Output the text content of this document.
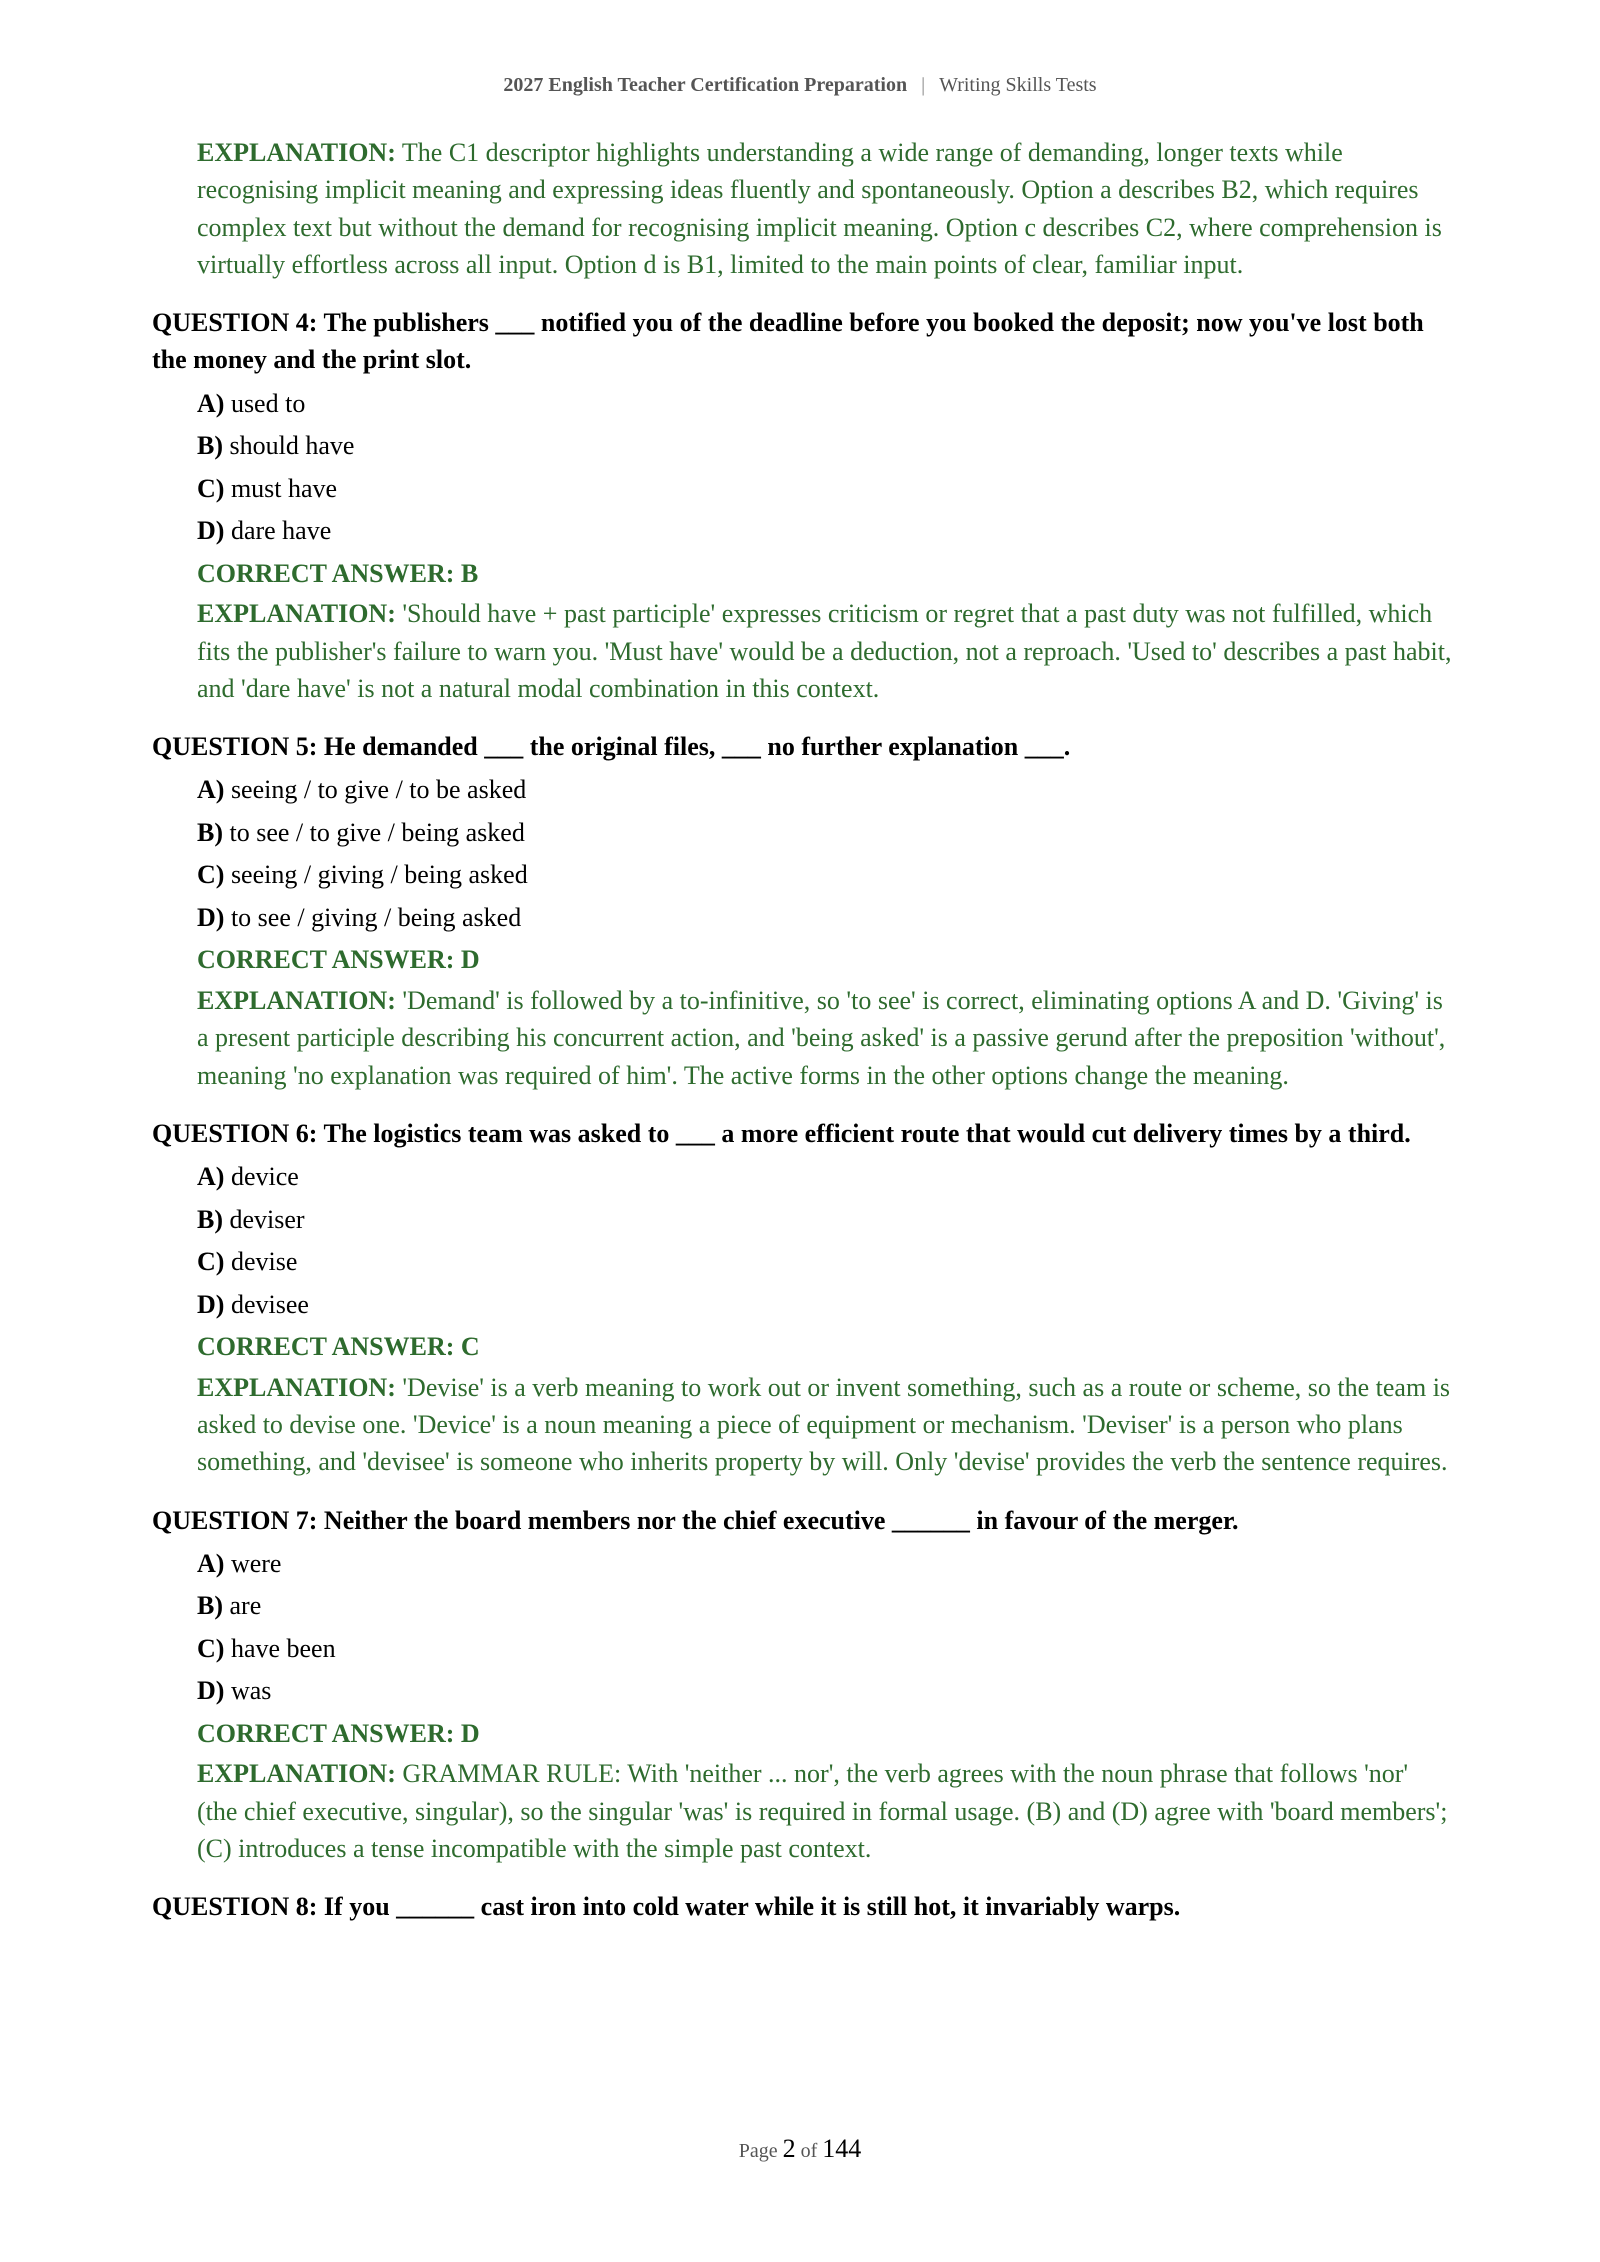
2027 English Teacher Certification Preparation | Writing Skills Tests
EXPLANATION: The C1 descriptor highlights understanding a wide range of demanding, longer texts while recognising implicit meaning and expressing ideas fluently and spontaneously. Option a describes B2, which requires complex text but without the demand for recognising implicit meaning. Option c describes C2, where comprehension is virtually effortless across all input. Option d is B1, limited to the main points of clear, familiar input.
QUESTION 4: The publishers ___ notified you of the deadline before you booked the deposit; now you've lost both the money and the print slot.
A) used to
B) should have
C) must have
D) dare have
CORRECT ANSWER: B
EXPLANATION: 'Should have + past participle' expresses criticism or regret that a past duty was not fulfilled, which fits the publisher's failure to warn you. 'Must have' would be a deduction, not a reproach. 'Used to' describes a past habit, and 'dare have' is not a natural modal combination in this context.
QUESTION 5: He demanded ___ the original files, ___ no further explanation ___.
A) seeing / to give / to be asked
B) to see / to give / being asked
C) seeing / giving / being asked
D) to see / giving / being asked
CORRECT ANSWER: D
EXPLANATION: 'Demand' is followed by a to-infinitive, so 'to see' is correct, eliminating options A and D. 'Giving' is a present participle describing his concurrent action, and 'being asked' is a passive gerund after the preposition 'without', meaning 'no explanation was required of him'. The active forms in the other options change the meaning.
QUESTION 6: The logistics team was asked to ___ a more efficient route that would cut delivery times by a third.
A) device
B) deviser
C) devise
D) devisee
CORRECT ANSWER: C
EXPLANATION: 'Devise' is a verb meaning to work out or invent something, such as a route or scheme, so the team is asked to devise one. 'Device' is a noun meaning a piece of equipment or mechanism. 'Deviser' is a person who plans something, and 'devisee' is someone who inherits property by will. Only 'devise' provides the verb the sentence requires.
QUESTION 7: Neither the board members nor the chief executive ______ in favour of the merger.
A) were
B) are
C) have been
D) was
CORRECT ANSWER: D
EXPLANATION: GRAMMAR RULE: With 'neither ... nor', the verb agrees with the noun phrase that follows 'nor' (the chief executive, singular), so the singular 'was' is required in formal usage. (B) and (D) agree with 'board members'; (C) introduces a tense incompatible with the simple past context.
QUESTION 8: If you ______ cast iron into cold water while it is still hot, it invariably warps.
Page 2 of 144
